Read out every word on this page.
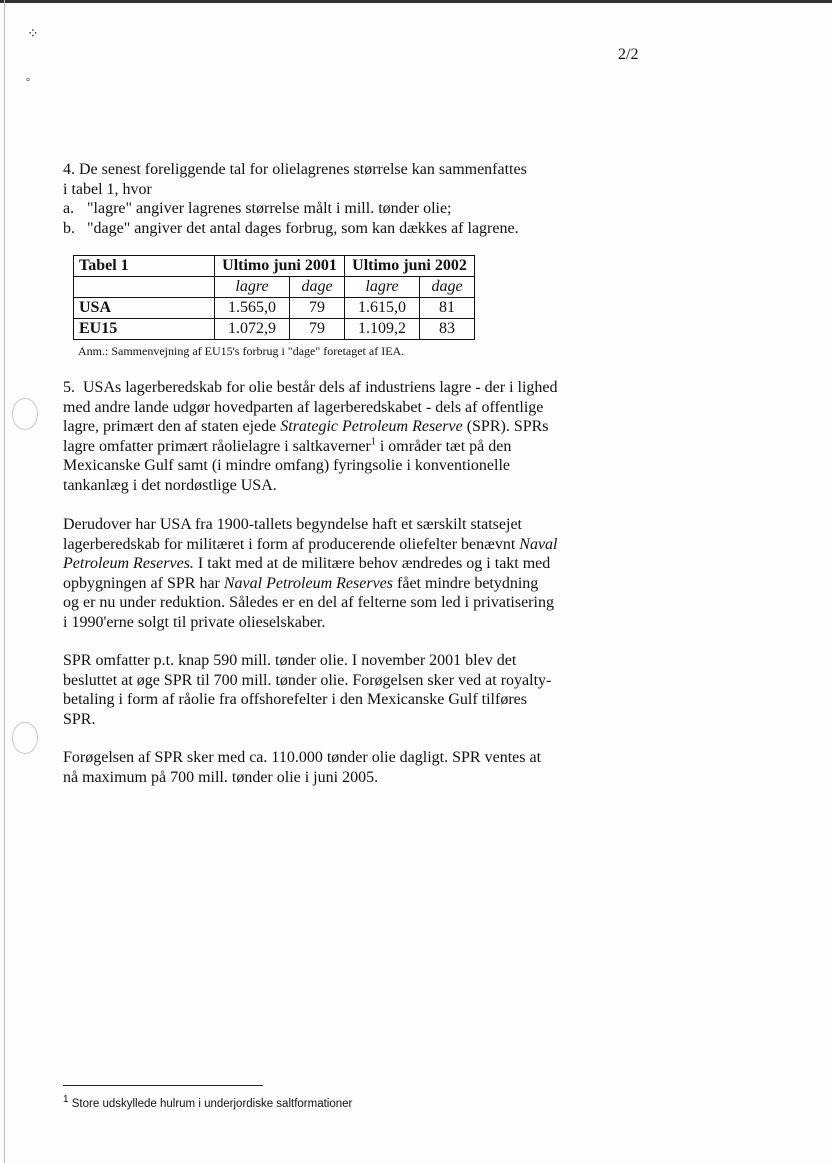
⁘
°
2/2
4. De senest foreliggende tal for olielagrenes størrelse kan sammenfattes
i tabel 1, hvor
a. "lagre" angiver lagrenes størrelse målt i mill. tønder olie;
b. "dage" angiver det antal dages forbrug, som kan dækkes af lagrene.
Tabel 1	Ultimo juni 2001		Ultimo juni 2002	
	lagre	dage	lagre	dage
USA	1.565,0	79	1.615,0	81
EU15	1.072,9	79	1.109,2	83
Anm.: Sammenvejning af EU15's forbrug i "dage" foretaget af IEA.

5. USAs lagerberedskab for olie består dels af industriens lagre - der i lighed med andre lande udgør hovedparten af lagerberedskabet - dels af offentlige lagre, primært den af staten ejede Strategic Petroleum Reserve (SPR). SPRs lagre omfatter primært råolielagre i saltkaverner$^1$ i områder tæt på den Mexicanske Gulf samt (i mindre omfang) fyringsolie i konventionelle tankanlæg i det nordøstlige USA.

Derudover har USA fra 1900-tallets begyndelse haft et særskilt statsejet lagerberedskab for militæret i form af producerende oliefelter benævnt Naval Petroleum Reserves. I takt med at de militære behov ændredes og i takt med opbygningen af SPR har Naval Petroleum Reserves fået mindre betydning og er nu under reduktion. Således er en del af felterne som led i privatisering i 1990'erne solgt til private olieselskaber.

SPR omfatter p.t. knap 590 mill. tønder olie. I november 2001 blev det besluttet at øge SPR til 700 mill. tønder olie. Forøgelsen sker ved at royalty-betaling i form af råolie fra offshorefelter i den Mexicanske Gulf tilføres SPR.

Forøgelsen af SPR sker med ca. 110.000 tønder olie dagligt. SPR ventes at nå maximum på 700 mill. tønder olie i juni 2005.

$^1$ Store udskyllede hulrum i underjordiske saltformationer
